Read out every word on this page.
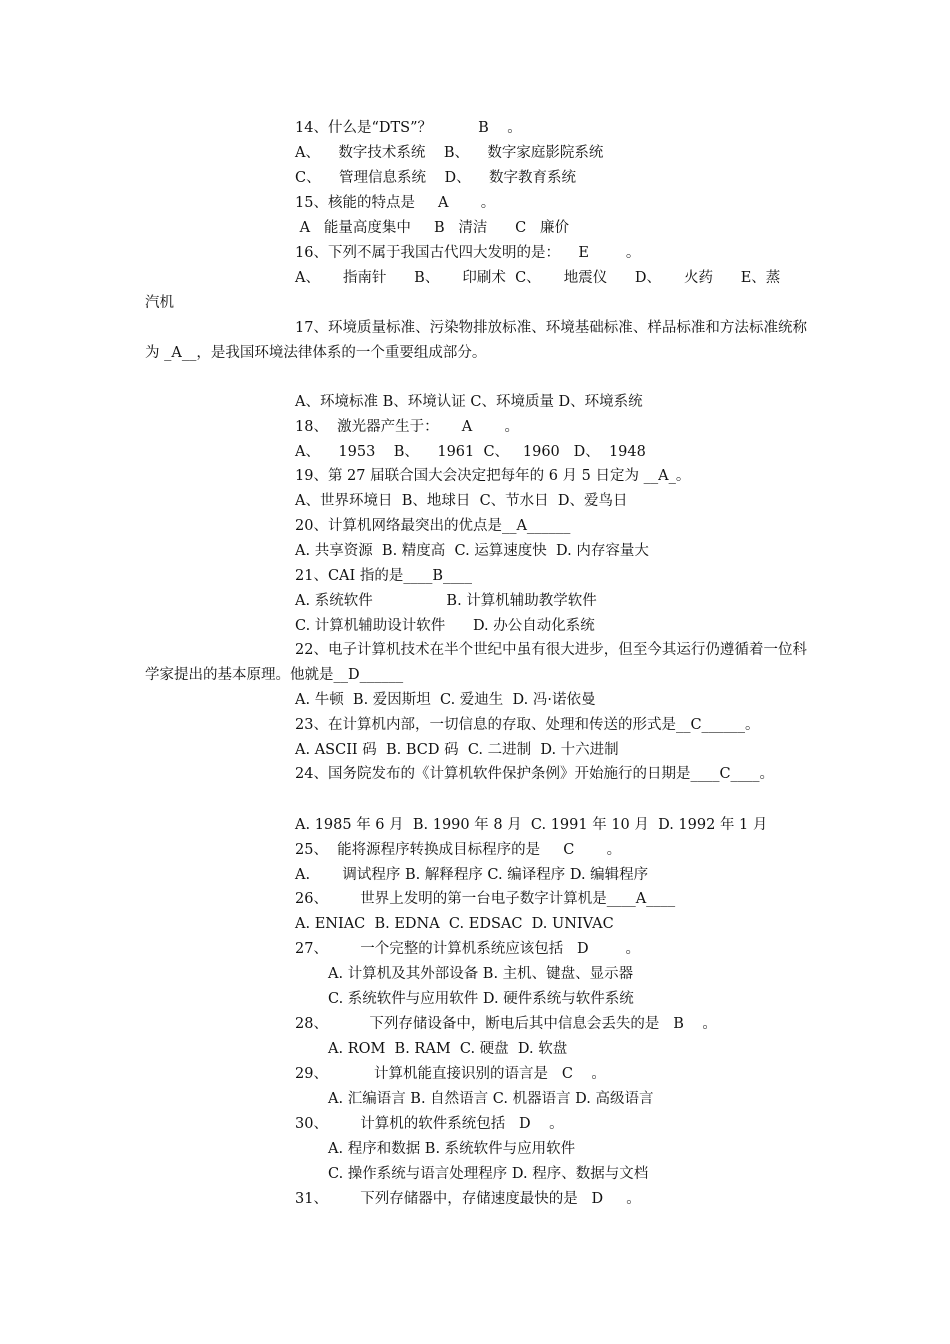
14、什么是“DTS”？          B    。
A、    数字技术系统    B、    数字家庭影院系统
C、    管理信息系统    D、    数字教育系统
15、核能的特点是     A       。
A   能量高度集中     B   清洁      C   廉价
16、下列不属于我国古代四大发明的是：    E        。
A、     指南针      B、     印刷术  C、     地震仪      D、     火药      E、蒸
汽机
17、环境质量标准、污染物排放标准、环境基础标准、样品标准和方法标准统称为 _A__，是我国环境法律体系的一个重要组成部分。
A、环境标准 B、环境认证 C、环境质量 D、环境系统
18、  激光器产生于：     A       。
A、    1953    B、    1961  C、   1960   D、  1948
19、第 27 届联合国大会决定把每年的 6 月 5 日定为 __A_。
A、世界环境日  B、地球日  C、节水日  D、爱鸟日
20、计算机网络最突出的优点是__A______
A. 共享资源  B. 精度高  C. 运算速度快  D. 内存容量大
21、CAI 指的是____B____
A. 系统软件                B. 计算机辅助教学软件
C. 计算机辅助设计软件      D. 办公自动化系统
22、电子计算机技术在半个世纪中虽有很大进步，但至今其运行仍遵循着一位科学家提出的基本原理。他就是__D______
A. 牛顿  B. 爱因斯坦  C. 爱迪生  D. 冯·诺依曼
23、在计算机内部，一切信息的存取、处理和传送的形式是__C______。
A. ASCII 码  B. BCD 码  C. 二进制  D. 十六进制
24、国务院发布的《计算机软件保护条例》开始施行的日期是____C____。
A. 1985 年 6 月  B. 1990 年 8 月  C. 1991 年 10 月  D. 1992 年 1 月
25、  能将源程序转换成目标程序的是     C       。
A.       调试程序 B. 解释程序 C. 编译程序 D. 编辑程序
26、       世界上发明的第一台电子数字计算机是____A____
A. ENIAC  B. EDNA  C. EDSAC  D. UNIVAC
27、       一个完整的计算机系统应该包括   D        。
A. 计算机及其外部设备 B. 主机、键盘、显示器
C. 系统软件与应用软件 D. 硬件系统与软件系统
28、         下列存储设备中，断电后其中信息会丢失的是   B    。
A. ROM  B. RAM  C. 硬盘  D. 软盘
29、          计算机能直接识别的语言是   C    。
A. 汇编语言 B. 自然语言 C. 机器语言 D. 高级语言
30、       计算机的软件系统包括   D    。
A. 程序和数据 B. 系统软件与应用软件
C. 操作系统与语言处理程序 D. 程序、数据与文档
31、       下列存储器中，存储速度最快的是   D     。
